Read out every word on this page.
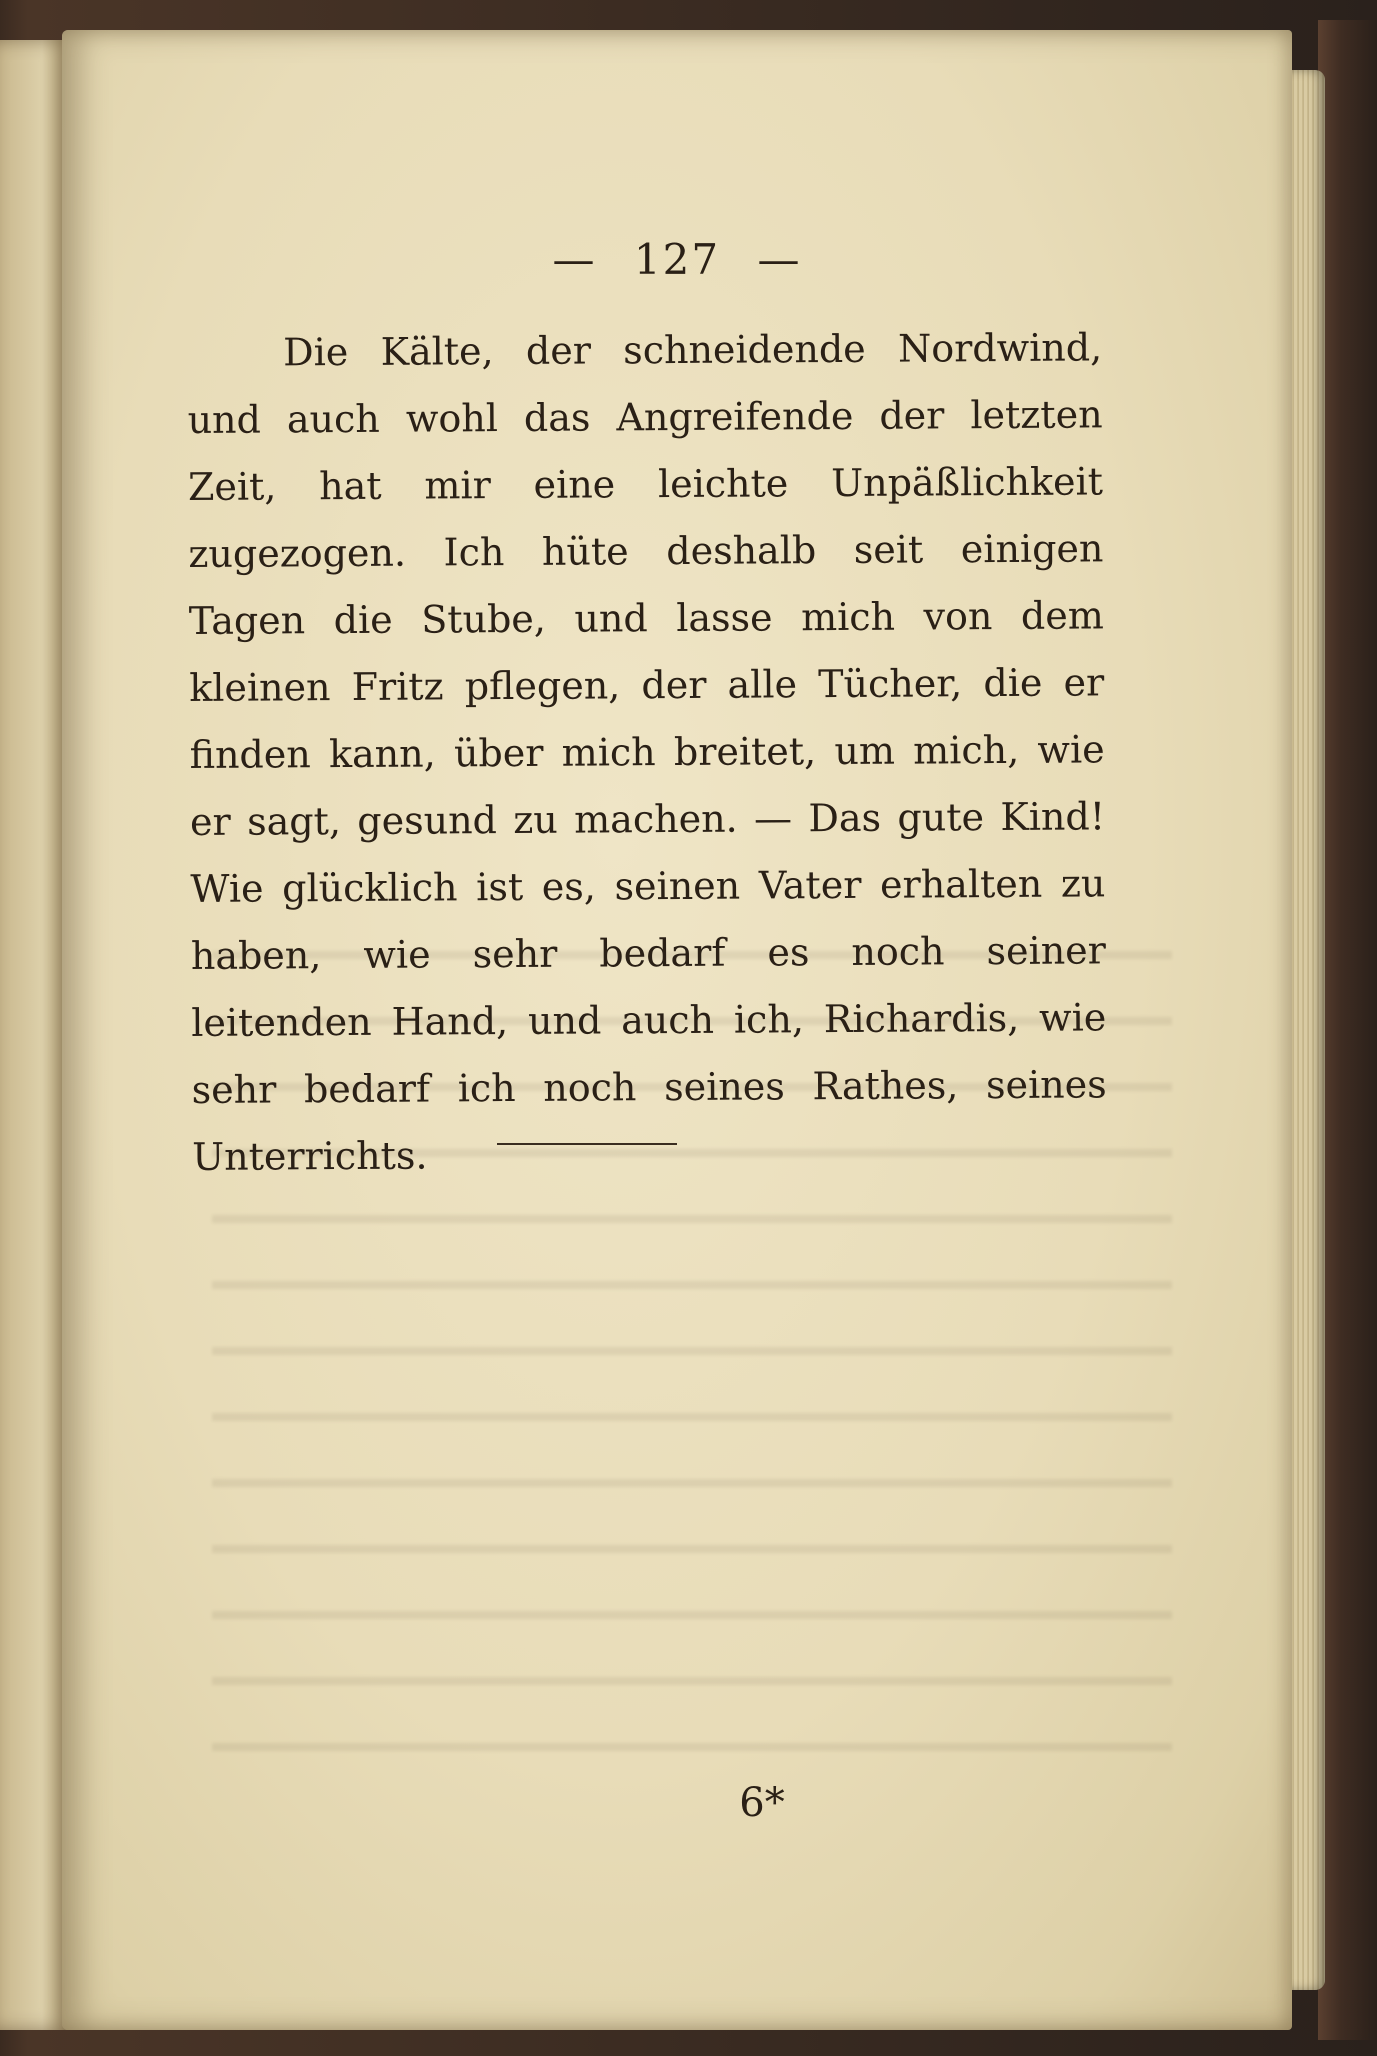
— 127 —

Die Kälte, der schneidende Nordwind, und auch wohl das Angreifende der letzten Zeit, hat mir eine leichte Unpäßlichkeit zugezogen. Ich hüte deshalb seit einigen Tagen die Stube, und lasse mich von dem kleinen Fritz pflegen, der alle Tücher, die er finden kann, über mich breitet, um mich, wie er sagt, gesund zu machen. — Das gute Kind! Wie glücklich ist es, seinen Vater erhalten zu haben, wie sehr bedarf es noch seiner leitenden Hand, und auch ich, Richardis, wie sehr bedarf ich noch seines Rathes, seines Unterrichts.

6*
